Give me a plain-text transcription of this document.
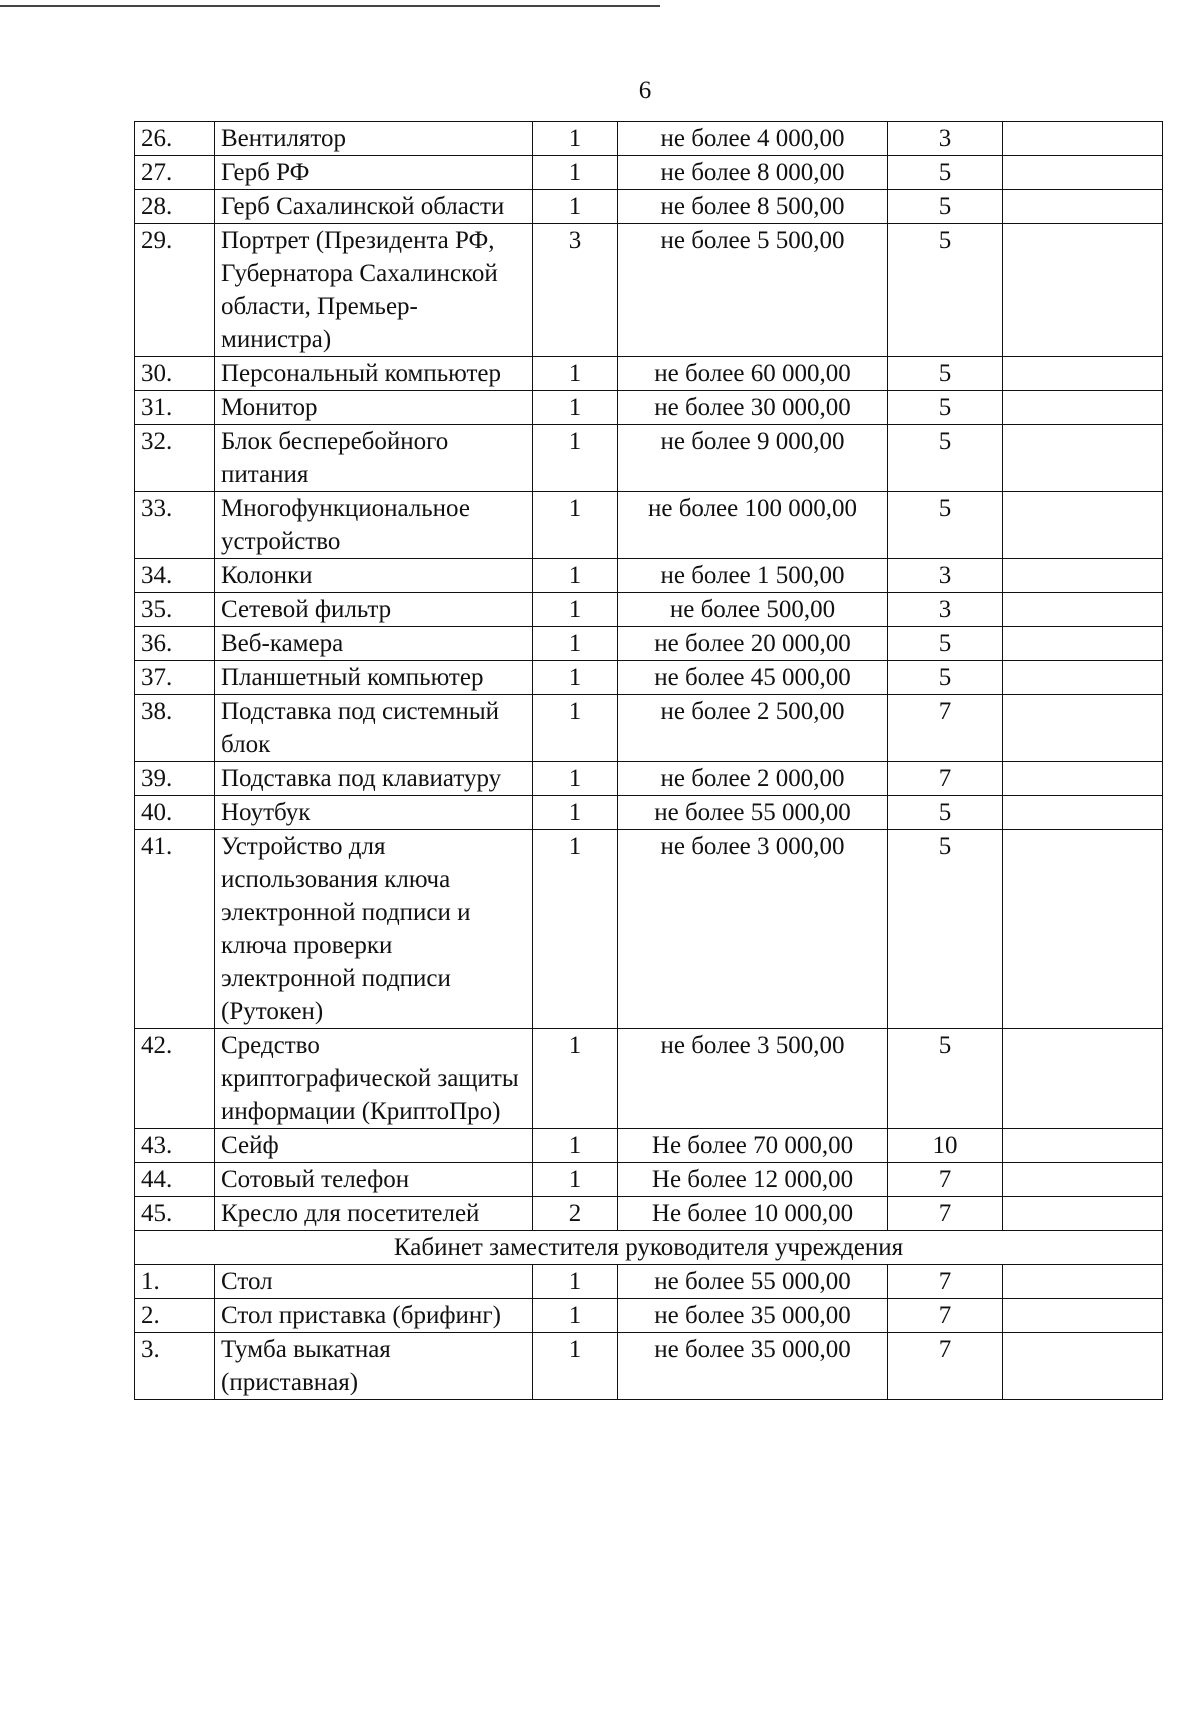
6
26.	Вентилятор	1	не более 4 000,00	3	
27.	Герб РФ	1	не более 8 000,00	5	
28.	Герб Сахалинской области	1	не более 8 500,00	5	
29.	Портрет (Президента РФ, Губернатора Сахалинской области, Премьер-министра)	3	не более 5 500,00	5	
30.	Персональный компьютер	1	не более 60 000,00	5	
31.	Монитор	1	не более 30 000,00	5	
32.	Блок бесперебойного питания	1	не более 9 000,00	5	
33.	Многофункциональное устройство	1	не более 100 000,00	5	
34.	Колонки	1	не более 1 500,00	3	
35.	Сетевой фильтр	1	не более 500,00	3	
36.	Веб-камера	1	не более 20 000,00	5	
37.	Планшетный компьютер	1	не более 45 000,00	5	
38.	Подставка под системный блок	1	не более 2 500,00	7	
39.	Подставка под клавиатуру	1	не более 2 000,00	7	
40.	Ноутбук	1	не более 55 000,00	5	
41.	Устройство для использования ключа электронной подписи и ключа проверки электронной подписи (Рутокен)	1	не более 3 000,00	5	
42.	Средство криптографической защиты информации (КриптоПро)	1	не более 3 500,00	5	
43.	Сейф	1	Не более 70 000,00	10	
44.	Сотовый телефон	1	Не более 12 000,00	7	
45.	Кресло для посетителей	2	Не более 10 000,00	7	
Кабинет заместителя руководителя учреждения					
1.	Стол	1	не более 55 000,00	7	
2.	Стол приставка (брифинг)	1	не более 35 000,00	7	
3.	Тумба выкатная (приставная)	1	не более 35 000,00	7	
